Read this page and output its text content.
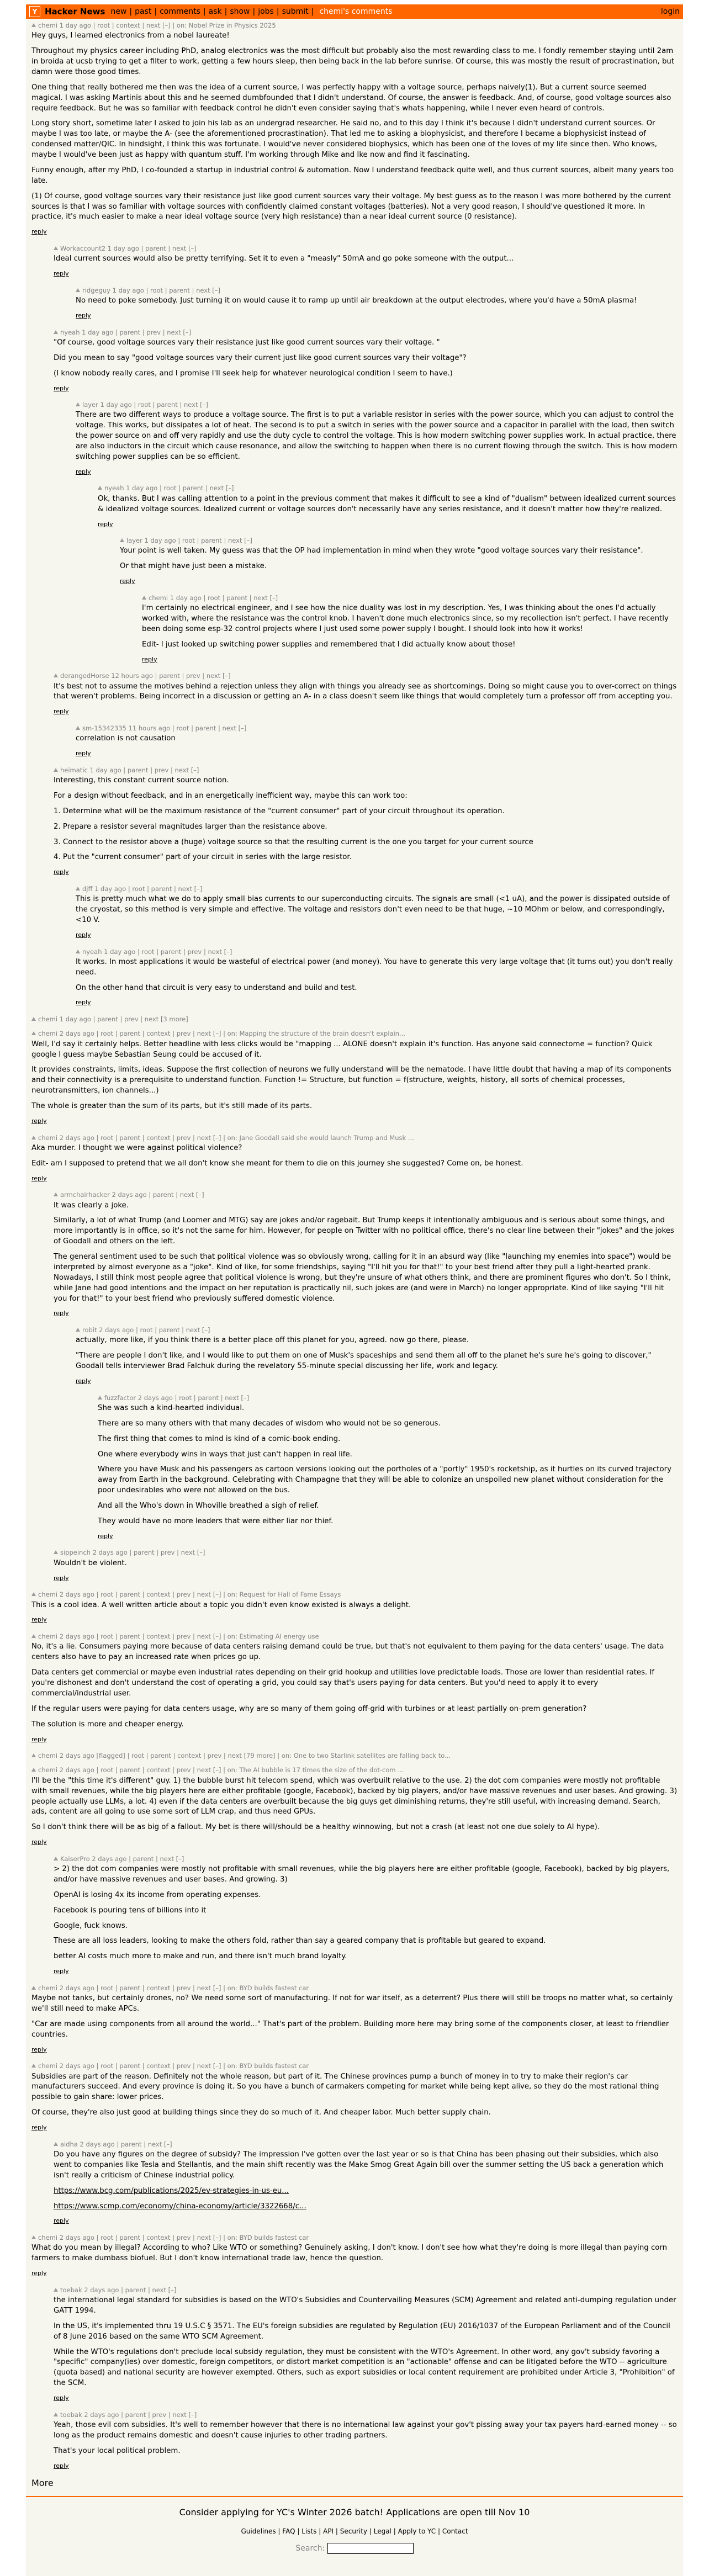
Y Hacker News new | past | comments | ask | show | jobs | submit | chemi's comments	login
chemi 1 day ago | root | context | next [–] | on: Nobel Prize in Physics 2025

Hey guys, I learned electronics from a nobel laureate!

Throughout my physics career including PhD, analog electronics was the most difficult but probably also the most rewarding class to me. I fondly remember staying until 2am in broida at ucsb trying to get a filter to work, getting a few hours sleep, then being back in the lab before sunrise. Of course, this was mostly the result of procrastination, but damn were those good times.

One thing that really bothered me then was the idea of a current source, I was perfectly happy with a voltage source, perhaps naively(1). But a current source seemed magical. I was asking Martinis about this and he seemed dumbfounded that I didn't understand. Of course, the answer is feedback. And, of course, good voltage sources also require feedback. But he was so familiar with feedback control he didn't even consider saying that's whats happening, while I never even heard of controls.

Long story short, sometime later I asked to join his lab as an undergrad researcher. He said no, and to this day I think it's because I didn't understand current sources. Or maybe I was too late, or maybe the A- (see the aforementioned procrastination). That led me to asking a biophysicist, and therefore I became a biophysicist instead of condensed matter/QIC. In hindsight, I think this was fortunate. I would've never considered biophysics, which has been one of the loves of my life since then. Who knows, maybe I would've been just as happy with quantum stuff. I'm working through Mike and Ike now and find it fascinating.

Funny enough, after my PhD, I co-founded a startup in industrial control & automation. Now I understand feedback quite well, and thus current sources, albeit many years too late.

(1) Of course, good voltage sources vary their resistance just like good current sources vary their voltage. My best guess as to the reason I was more bothered by the current sources is that I was so familiar with voltage sources with confidently claimed constant voltages (batteries). Not a very good reason, I should've questioned it more. In practice, it's much easier to make a near ideal voltage source (very high resistance) than a near ideal current source (0 resistance).

reply
Workaccount2 1 day ago | parent | next [–]

Ideal current sources would also be pretty terrifying. Set it to even a "measly" 50mA and go poke someone with the output...

reply
ridgeguy 1 day ago | root | parent | next [–]

No need to poke somebody. Just turning it on would cause it to ramp up until air breakdown at the output electrodes, where you'd have a 50mA plasma!

reply
nyeah 1 day ago | parent | prev | next [–]

"Of course, good voltage sources vary their resistance just like good current sources vary their voltage. "

Did you mean to say "good voltage sources vary their current just like good current sources vary their voltage"?

(I know nobody really cares, and I promise I'll seek help for whatever neurological condition I seem to have.)

reply
layer 1 day ago | root | parent | next [–]

There are two different ways to produce a voltage source. The first is to put a variable resistor in series with the power source, which you can adjust to control the voltage. This works, but dissipates a lot of heat. The second is to put a switch in series with the power source and a capacitor in parallel with the load, then switch the power source on and off very rapidly and use the duty cycle to control the voltage. This is how modern switching power supplies work. In actual practice, there are also inductors in the circuit which cause resonance, and allow the switching to happen when there is no current flowing through the switch. This is how modern switching power supplies can be so efficient.

reply
nyeah 1 day ago | root | parent | next [–]

Ok, thanks. But I was calling attention to a point in the previous comment that makes it difficult to see a kind of "dualism" between idealized current sources & idealized voltage sources. Idealized current or voltage sources don't necessarily have any series resistance, and it doesn't matter how they're realized.

reply
layer 1 day ago | root | parent | next [–]

Your point is well taken. My guess was that the OP had implementation in mind when they wrote "good voltage sources vary their resistance".

Or that might have just been a mistake.

reply
chemi 1 day ago | root | parent | next [–]

I'm certainly no electrical engineer, and I see how the nice duality was lost in my description. Yes, I was thinking about the ones I'd actually worked with, where the resistance was the control knob. I haven't done much electronics since, so my recollection isn't perfect. I have recently been doing some esp-32 control projects where I just used some power supply I bought. I should look into how it works!

Edit- I just looked up switching power supplies and remembered that I did actually know about those!

reply
derangedHorse 12 hours ago | parent | prev | next [–]

It's best not to assume the motives behind a rejection unless they align with things you already see as shortcomings. Doing so might cause you to over-correct on things that weren't problems. Being incorrect in a discussion or getting an A- in a class doesn't seem like things that would completely turn a professor off from accepting you.

reply
sm-15342335 11 hours ago | root | parent | next [–]

correlation is not causation

reply
heimatic 1 day ago | parent | prev | next [–]

Interesting, this constant current source notion.

For a design without feedback, and in an energetically inefficient way, maybe this can work too:

1. Determine what will be the maximum resistance of the "current consumer" part of your circuit throughout its operation.

2. Prepare a resistor several magnitudes larger than the resistance above.

3. Connect to the resistor above a (huge) voltage source so that the resulting current is the one you target for your current source

4. Put the "current consumer" part of your circuit in series with the large resistor.

reply
djff 1 day ago | root | parent | next [–]

This is pretty much what we do to apply small bias currents to our superconducting circuits. The signals are small (<1 uA), and the power is dissipated outside of the cryostat, so this method is very simple and effective. The voltage and resistors don't even need to be that huge, ~10 MOhm or below, and correspondingly, <10 V.

reply
nyeah 1 day ago | root | parent | prev | next [–]

It works. In most applications it would be wasteful of electrical power (and money). You have to generate this very large voltage that (it turns out) you don't really need.

On the other hand that circuit is very easy to understand and build and test.

reply
chemi 1 day ago | parent | prev | next [3 more]
chemi 2 days ago | root | parent | context | prev | next [–] | on: Mapping the structure of the brain doesn't explain...

Well, I'd say it certainly helps. Better headline with less clicks would be "mapping ... ALONE doesn't explain it's function. Has anyone said connectome = function? Quick google I guess maybe Sebastian Seung could be accused of it.

It provides constraints, limits, ideas. Suppose the first collection of neurons we fully understand will be the nematode. I have little doubt that having a map of its components and their connectivity is a prerequisite to understand function. Function != Structure, but function = f(structure, weights, history, all sorts of chemical processes, neurotransmitters, ion channels...)

The whole is greater than the sum of its parts, but it's still made of its parts.

reply
chemi 2 days ago | root | parent | context | prev | next [–] | on: Jane Goodall said she would launch Trump and Musk ...

Aka murder. I thought we were against political violence?

Edit- am I supposed to pretend that we all don't know she meant for them to die on this journey she suggested? Come on, be honest.

reply
armchairhacker 2 days ago | parent | next [–]

It was clearly a joke.

Similarly, a lot of what Trump (and Loomer and MTG) say are jokes and/or ragebait. But Trump keeps it intentionally ambiguous and is serious about some things, and more importantly is in office, so it's not the same for him. However, for people on Twitter with no political office, there's no clear line between their "jokes" and the jokes of Goodall and others on the left.

The general sentiment used to be such that political violence was so obviously wrong, calling for it in an absurd way (like "launching my enemies into space") would be interpreted by almost everyone as a "joke". Kind of like, for some friendships, saying "I'll hit you for that!" to your best friend after they pull a light-hearted prank. Nowadays, I still think most people agree that political violence is wrong, but they're unsure of what others think, and there are prominent figures who don't. So I think, while Jane had good intentions and the impact on her reputation is practically nil, such jokes are (and were in March) no longer appropriate. Kind of like saying "I'll hit you for that!" to your best friend who previously suffered domestic violence.

reply
robit 2 days ago | root | parent | next [–]

actually, more like, if you think there is a better place off this planet for you, agreed. now go there, please.

"There are people I don't like, and I would like to put them on one of Musk's spaceships and send them all off to the planet he's sure he's going to discover," Goodall tells interviewer Brad Falchuk during the revelatory 55-minute special discussing her life, work and legacy.

reply
fuzzfactor 2 days ago | root | parent | next [–]

She was such a kind-hearted individual.

There are so many others with that many decades of wisdom who would not be so generous.

The first thing that comes to mind is kind of a comic-book ending.

One where everybody wins in ways that just can't happen in real life.

Where you have Musk and his passengers as cartoon versions looking out the portholes of a "portly" 1950's rocketship, as it hurtles on its curved trajectory away from Earth in the background. Celebrating with Champagne that they will be able to colonize an unspoiled new planet without consideration for the poor undesirables who were not allowed on the bus.

And all the Who's down in Whoville breathed a sigh of relief.

They would have no more leaders that were either liar nor thief.

reply
sippeinch 2 days ago | parent | prev | next [–]

Wouldn't be violent.

reply
chemi 2 days ago | root | parent | context | prev | next [–] | on: Request for Hall of Fame Essays

This is a cool idea. A well written article about a topic you didn't even know existed is always a delight.

reply
chemi 2 days ago | root | parent | context | prev | next [–] | on: Estimating AI energy use

No, it's a lie. Consumers paying more because of data centers raising demand could be true, but that's not equivalent to them paying for the data centers' usage. The data centers also have to pay an increased rate when prices go up.

Data centers get commercial or maybe even industrial rates depending on their grid hookup and utilities love predictable loads. Those are lower than residential rates. If you're dishonest and don't understand the cost of operating a grid, you could say that's users paying for data centers. But you'd need to apply it to every commercial/industrial user.

If the regular users were paying for data centers usage, why are so many of them going off-grid with turbines or at least partially on-prem generation?

The solution is more and cheaper energy.

reply
chemi 2 days ago [flagged] | root | parent | context | prev | next [79 more] | on: One to two Starlink satellites are falling back to...
chemi 2 days ago | root | parent | context | prev | next [–] | on: The AI bubble is 17 times the size of the dot-com ...

I'll be the "this time it's different" guy. 1) the bubble burst hit telecom spend, which was overbuilt relative to the use. 2) the dot com companies were mostly not profitable with small revenues, while the big players here are either profitable (google, Facebook), backed by big players, and/or have massive revenues and user bases. And growing. 3) people actually use LLMs, a lot. 4) even if the data centers are overbuilt because the big guys get diminishing returns, they're still useful, with increasing demand. Search, ads, content are all going to use some sort of LLM crap, and thus need GPUs.

So I don't think there will be as big of a fallout. My bet is there will/should be a healthy winnowing, but not a crash (at least not one due solely to AI hype).

reply
KaiserPro 2 days ago | parent | next [–]

> 2) the dot com companies were mostly not profitable with small revenues, while the big players here are either profitable (google, Facebook), backed by big players, and/or have massive revenues and user bases. And growing. 3)

OpenAI is losing 4x its income from operating expenses.

Facebook is pouring tens of billions into it

Google, fuck knows.

These are all loss leaders, looking to make the others fold, rather than say a geared company that is profitable but geared to expand.

better AI costs much more to make and run, and there isn't much brand loyalty.

reply
chemi 2 days ago | root | parent | context | prev | next [–] | on: BYD builds fastest car

Maybe not tanks, but certainly drones, no? We need some sort of manufacturing. If not for war itself, as a deterrent? Plus there will still be troops no matter what, so certainly we'll still need to make APCs.

"Car are made using components from all around the world..." That's part of the problem. Building more here may bring some of the components closer, at least to friendlier countries.

reply
chemi 2 days ago | root | parent | context | prev | next [–] | on: BYD builds fastest car

Subsidies are part of the reason. Definitely not the whole reason, but part of it. The Chinese provinces pump a bunch of money in to try to make their region's car manufacturers succeed. And every province is doing it. So you have a bunch of carmakers competing for market while being kept alive, so they do the most rational thing possible to gain share: lower prices.

Of course, they're also just good at building things since they do so much of it. And cheaper labor. Much better supply chain.

reply
aidha 2 days ago | parent | next [–]

Do you have any figures on the degree of subsidy? The impression I've gotten over the last year or so is that China has been phasing out their subsidies, which also went to companies like Tesla and Stellantis, and the main shift recently was the Make Smog Great Again bill over the summer setting the US back a generation which isn't really a criticism of Chinese industrial policy.

https://www.bcg.com/publications/2025/ev-strategies-in-us-eu...

https://www.scmp.com/economy/china-economy/article/3322668/c...

reply
chemi 2 days ago | root | parent | context | prev | next [–] | on: BYD builds fastest car

What do you mean by illegal? According to who? Like WTO or something? Genuinely asking, I don't know. I don't see how what they're doing is more illegal than paying corn farmers to make dumbass biofuel. But I don't know international trade law, hence the question.

reply
toebak 2 days ago | parent | next [–]

the international legal standard for subsidies is based on the WTO's Subsidies and Countervailing Measures (SCM) Agreement and related anti-dumping regulation under GATT 1994.

In the US, it's implemented thru 19 U.S.C § 3571. The EU's foreign subsidies are regulated by Regulation (EU) 2016/1037 of the European Parliament and of the Council of 8 June 2016 based on the same WTO SCM Agreement.

While the WTO's regulations don't preclude local subsidy regulation, they must be consistent with the WTO's Agreement. In other word, any gov't subsidy favoring a "specific" company(ies) over domestic, foreign competitors, or distort market competition is an "actionable" offense and can be litigated before the WTO -- agriculture (quota based) and national security are however exempted. Others, such as export subsidies or local content requirement are prohibited under Article 3, "Prohibition" of the SCM.

reply
toebak 2 days ago | parent | prev | next [–]

Yeah, those evil com subsidies. It's well to remember however that there is no international law against your gov't pissing away your tax payers hard-earned money -- so long as the product remains domestic and doesn't cause injuries to other trading partners.

That's your local political problem.

reply
More
Consider applying for YC's Winter 2026 batch! Applications are open till Nov 10
Guidelines | FAQ | Lists | API | Security | Legal | Apply to YC | Contact
Search:
